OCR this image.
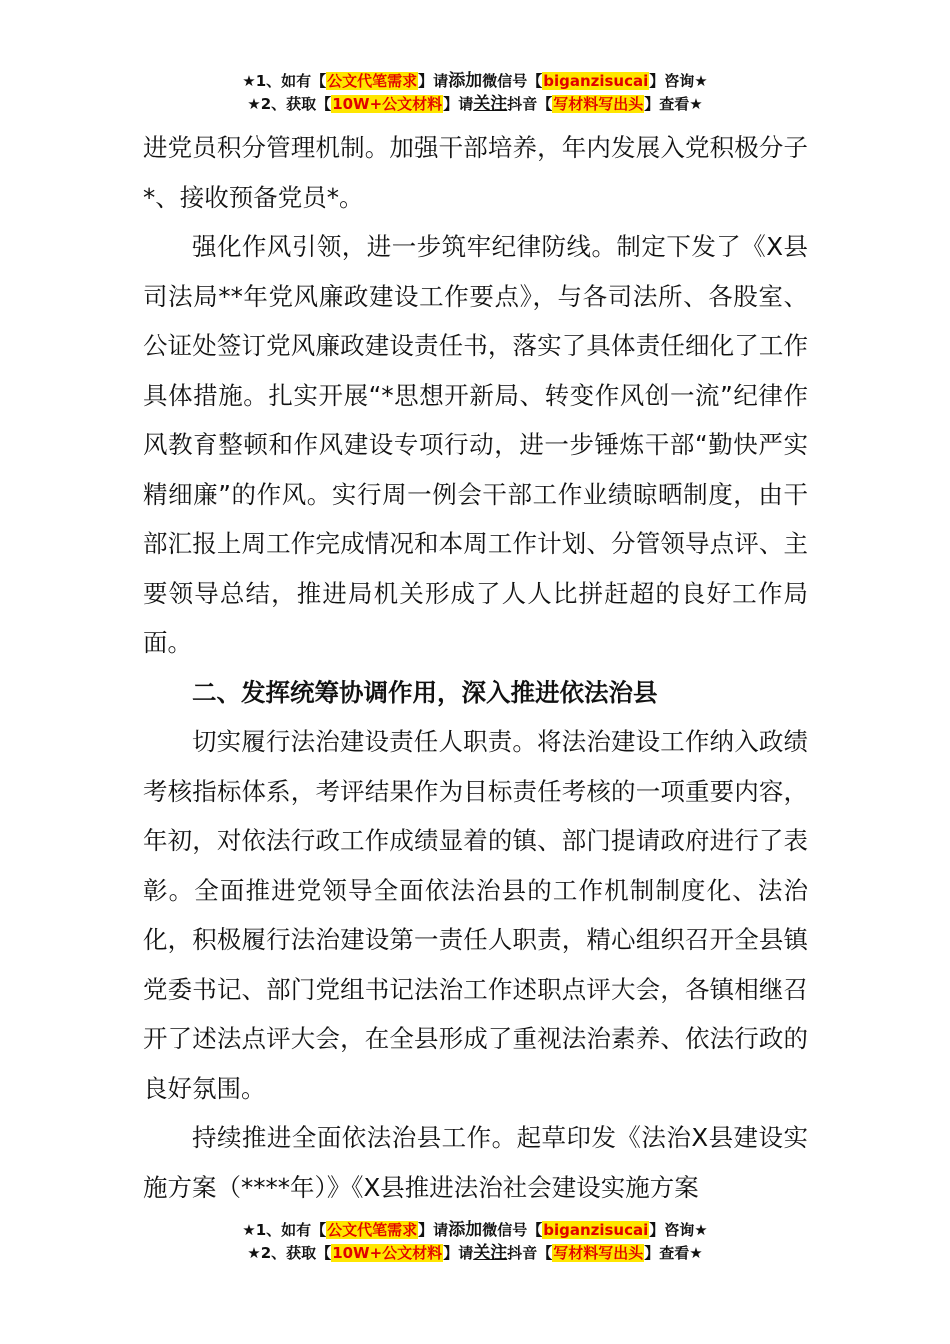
★1、如有【公文代笔需求】请添加微信号【biganzisucai】咨询★
★2、获取【10W+公文材料】请关注抖音【写材料写出头】查看★

进党员积分管理机制。加强干部培养，年内发展入党积极分子*、接收预备党员*。

强化作风引领，进一步筑牢纪律防线。制定下发了《X县司法局**年党风廉政建设工作要点》，与各司法所、各股室、公证处签订党风廉政建设责任书，落实了具体责任细化了工作具体措施。扎实开展“*思想开新局、转变作风创一流”纪律作风教育整顿和作风建设专项行动，进一步锤炼干部“勤快严实精细廉”的作风。实行周一例会干部工作业绩晾晒制度，由干部汇报上周工作完成情况和本周工作计划、分管领导点评、主要领导总结，推进局机关形成了人人比拼赶超的良好工作局面。

二、发挥统筹协调作用，深入推进依法治县

切实履行法治建设责任人职责。将法治建设工作纳入政绩考核指标体系，考评结果作为目标责任考核的一项重要内容，年初，对依法行政工作成绩显着的镇、部门提请政府进行了表彰。全面推进党领导全面依法治县的工作机制制度化、法治化，积极履行法治建设第一责任人职责，精心组织召开全县镇党委书记、部门党组书记法治工作述职点评大会，各镇相继召开了述法点评大会，在全县形成了重视法治素养、依法行政的良好氛围。

持续推进全面依法治县工作。起草印发《法治X县建设实施方案（****年）》《X县推进法治社会建设实施方案

★1、如有【公文代笔需求】请添加微信号【biganzisucai】咨询★
★2、获取【10W+公文材料】请关注抖音【写材料写出头】查看★
